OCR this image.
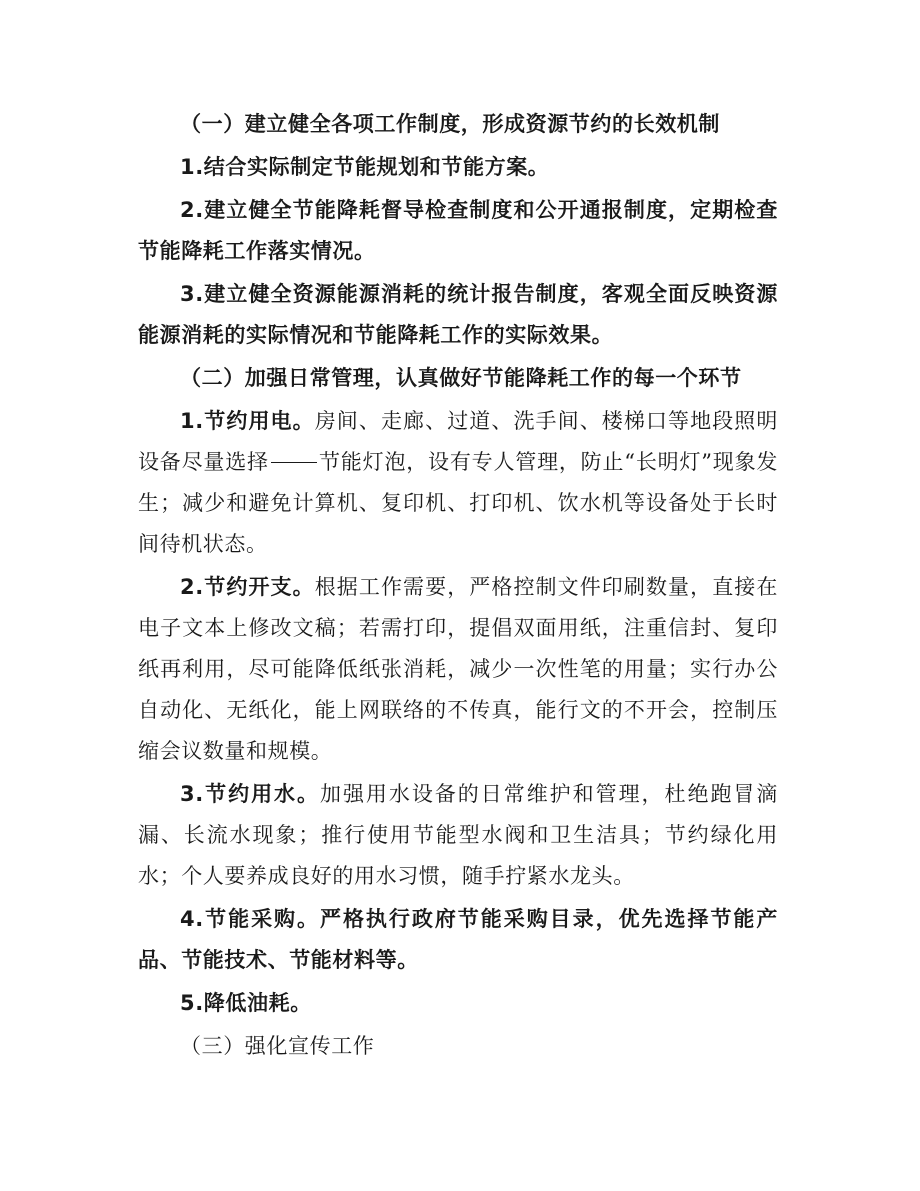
（一）建立健全各项工作制度，形成资源节约的长效机制

1.结合实际制定节能规划和节能方案。

2.建立健全节能降耗督导检查制度和公开通报制度，定期检查节能降耗工作落实情况。

3.建立健全资源能源消耗的统计报告制度，客观全面反映资源能源消耗的实际情况和节能降耗工作的实际效果。

（二）加强日常管理，认真做好节能降耗工作的每一个环节

1.节约用电。房间、走廊、过道、洗手间、楼梯口等地段照明设备尽量选择 节能灯泡，设有专人管理，防止“长明灯”现象发生；减少和避免计算机、复印机、打印机、饮水机等设备处于长时间待机状态。

2.节约开支。根据工作需要，严格控制文件印刷数量，直接在电子文本上修改文稿；若需打印，提倡双面用纸，注重信封、复印纸再利用，尽可能降低纸张消耗，减少一次性笔的用量；实行办公自动化、无纸化，能上网联络的不传真，能行文的不开会，控制压缩会议数量和规模。

3.节约用水。加强用水设备的日常维护和管理，杜绝跑冒滴漏、长流水现象；推行使用节能型水阀和卫生洁具；节约绿化用水；个人要养成良好的用水习惯，随手拧紧水龙头。

4.节能采购。严格执行政府节能采购目录，优先选择节能产品、节能技术、节能材料等。

5.降低油耗。

（三）强化宣传工作
